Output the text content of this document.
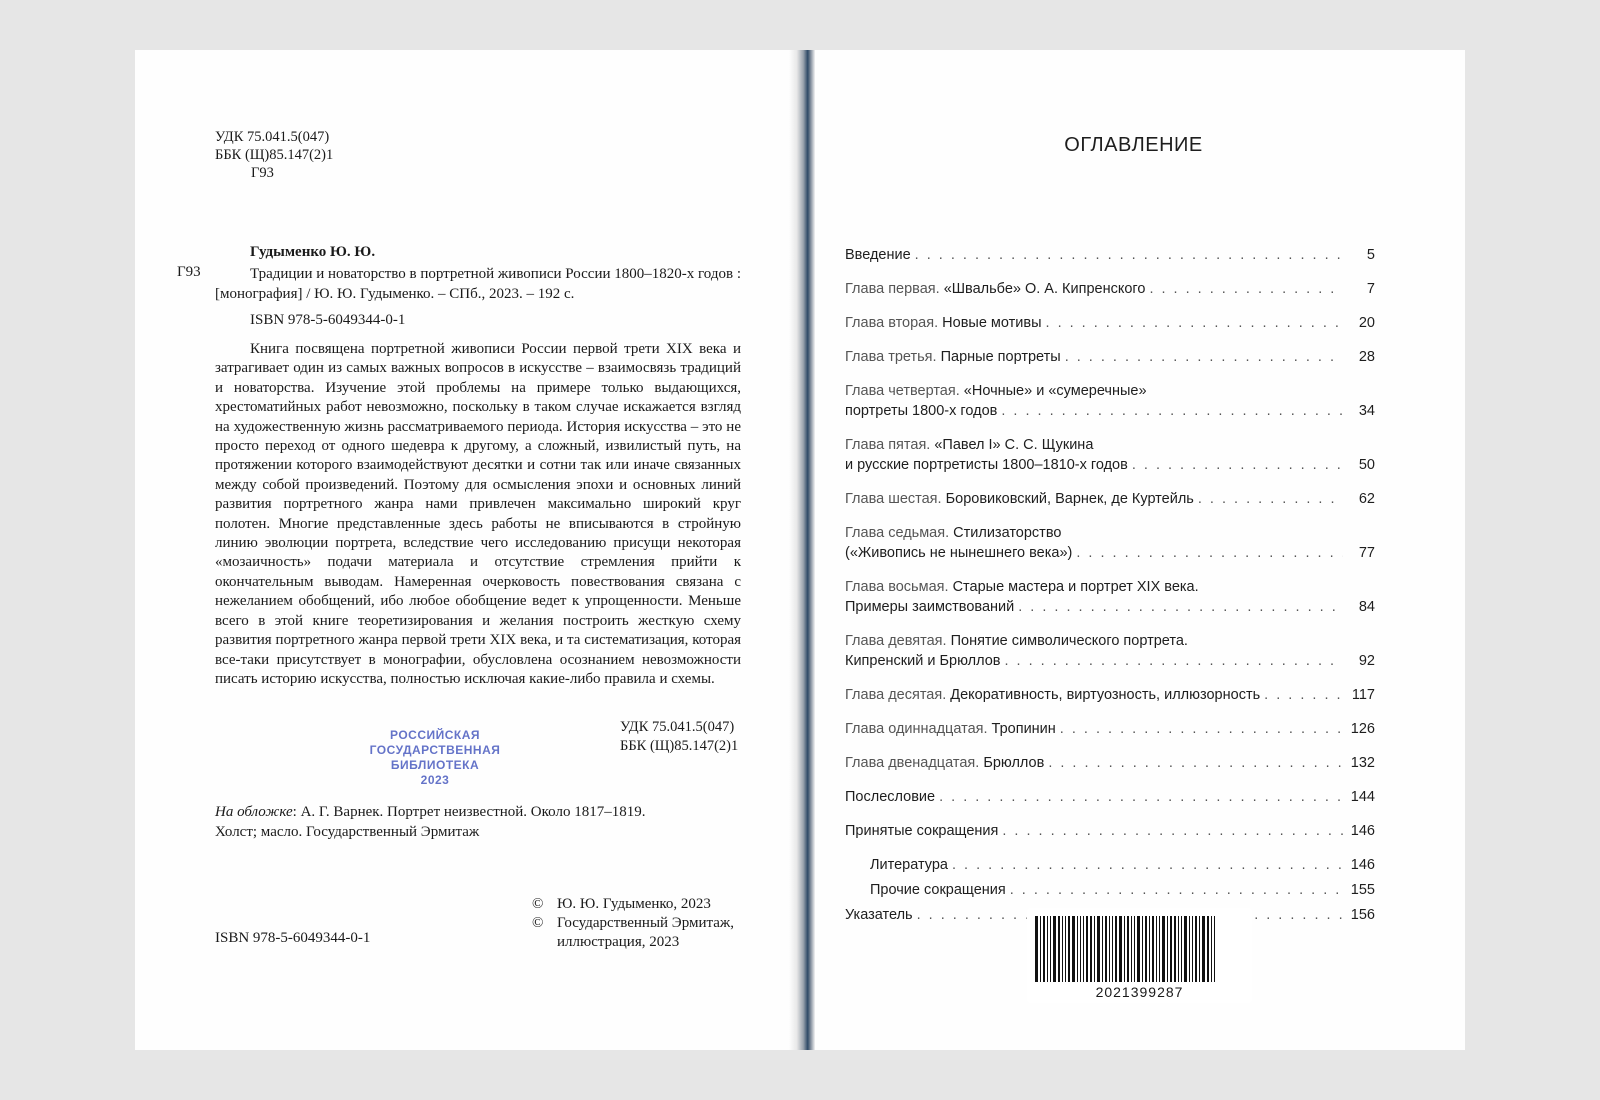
УДК 75.041.5(047)
ББК (Щ)85.147(2)1
Г93
Гудыменко Ю. Ю.
Г93	Традиции и новаторство в портретной живописи России 1800–1820-х годов : [монография] / Ю. Ю. Гудыменко. – СПб., 2023. – 192 с.

ISBN 978-5-6049344-0-1

Книга посвящена портретной живописи России первой трети XIX века и затрагивает один из самых важных вопросов в искусстве – взаимосвязь традиций и новаторства. Изучение этой проблемы на примере только выдающихся, хрестоматийных работ невозможно, поскольку в таком случае искажается взгляд на художественную жизнь рассматриваемого периода. История искусства – это не просто переход от одного шедевра к другому, а сложный, извилистый путь, на протяжении которого взаимодействуют десятки и сотни так или иначе связанных между собой произведений. Поэтому для осмысления эпохи и основных линий развития портретного жанра нами привлечен максимально широкий круг полотен. Многие представленные здесь работы не вписываются в стройную линию эволюции портрета, вследствие чего исследованию присущи некоторая «мозаичность» подачи материала и отсутствие стремления прийти к окончательным выводам. Намеренная очерковость повествования связана с нежеланием обобщений, ибо любое обобщение ведет к упрощенности. Меньше всего в этой книге теоретизирования и желания построить жесткую схему развития портретного жанра первой трети XIX века, и та систематизация, которая все-таки присутствует в монографии, обусловлена осознанием невозможности писать историю искусства, полностью исключая какие-либо правила и схемы.

УДК 75.041.5(047)
ББК (Щ)85.147(2)1
РОССИЙСКАЯ
ГОСУДАРСТВЕННАЯ
БИБЛИОТЕКА
2023
На обложке: А. Г. Варнек. Портрет неизвестной. Около 1817–1819.
Холст; масло. Государственный Эрмитаж
ISBN 978-5-6049344-0-1
© Ю. Ю. Гудыменко, 2023
© Государственный Эрмитаж, иллюстрация, 2023
ОГЛАВЛЕНИЕ
Введение . . .	5
Глава первая. «Швальбе» О. А. Кипренского . . .	7
Глава вторая. Новые мотивы . . .	20
Глава третья. Парные портреты . . .	28
Глава четвертая. «Ночные» и «сумеречные»
портреты 1800-х годов . . .	34
Глава пятая. «Павел I» С. С. Щукина
и русские портретисты 1800–1810-х годов . . .	50
Глава шестая. Боровиковский, Варнек, де Куртейль . . .	62
Глава седьмая. Стилизаторство
(«Живопись не нынешнего века») . . .	77
Глава восьмая. Старые мастера и портрет XIX века.
Примеры заимствований . . .	84
Глава девятая. Понятие символического портрета.
Кипренский и Брюллов . . .	92
Глава десятая. Декоративность, виртуозность, иллюзорность . . .	117
Глава одиннадцатая. Тропинин . . .	126
Глава двенадцатая. Брюллов . . .	132
Послесловие . . .	144
Принятые сокращения . . .	146
Литература . . .	146
Прочие сокращения . . .	155
Указатель . . .	156
2021399287
